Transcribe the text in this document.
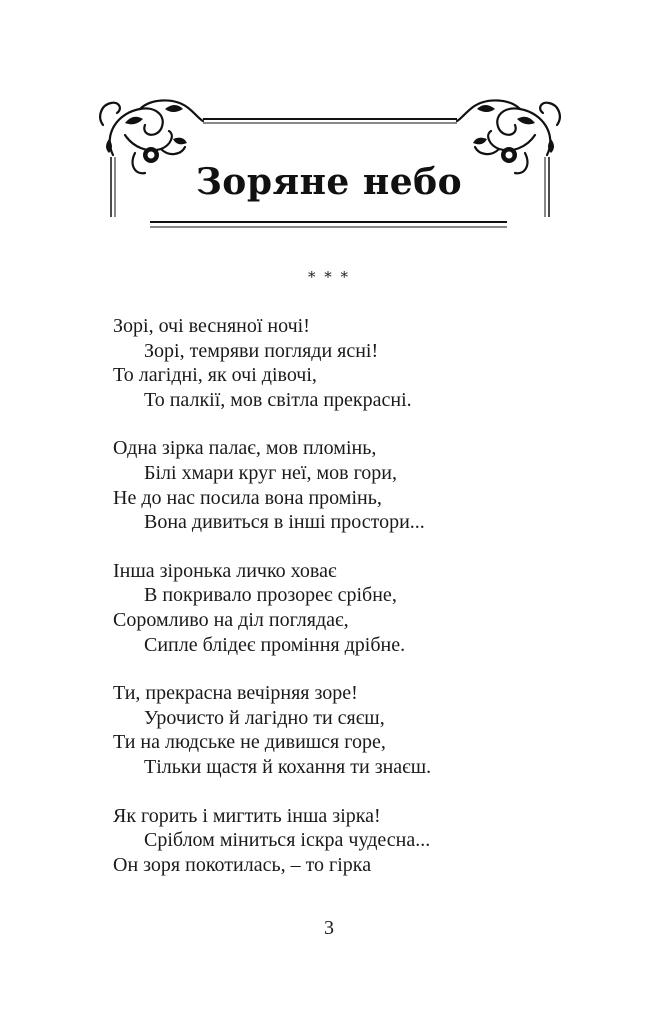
Зоряне небо
* * *
Зорі, очі весняної ночі!
Зорі, темряви погляди ясні!
То лагідні, як очі дівочі,
То палкії, мов світла прекрасні.
Одна зірка палає, мов пломінь,
Білі хмари круг неї, мов гори,
Не до нас посила вона промінь,
Вона дивиться в інші простори...
Інша зіронька личко ховає
В покривало прозореє срібне,
Соромливо на діл поглядає,
Сипле блідеє проміння дрібне.
Ти, прекрасна вечірняя зоре!
Урочисто й лагідно ти сяєш,
Ти на людське не дивишся горе,
Тільки щастя й кохання ти знаєш.
Як горить і мигтить інша зірка!
Сріблом міниться іскра чудесна...
Он зоря покотилась, – то гірка
3
